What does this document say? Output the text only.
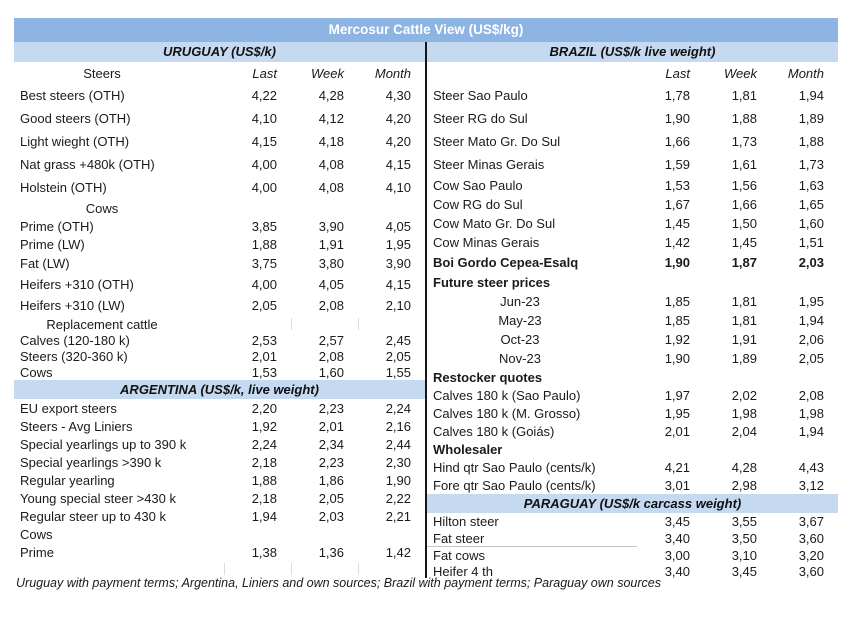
Mercosur Cattle View (US$/kg)
URUGUAY (US$/k)
Steers	Last	Week	Month
Best steers (OTH)	4,22	4,28	4,30
Good steers (OTH)	4,10	4,12	4,20
Light wieght (OTH)	4,15	4,18	4,20
Nat grass +480k (OTH)	4,00	4,08	4,15
Holstein (OTH)	4,00	4,08	4,10
Cows
Prime (OTH)	3,85	3,90	4,05
Prime (LW)	1,88	1,91	1,95
Fat (LW)	3,75	3,80	3,90
Heifers +310 (OTH)	4,00	4,05	4,15
Heifers +310 (LW)	2,05	2,08	2,10
Replacement cattle
Calves (120-180 k)	2,53	2,57	2,45
Steers (320-360 k)	2,01	2,08	2,05
Cows	1,53	1,60	1,55
ARGENTINA (US$/k, live weight)
EU export steers	2,20	2,23	2,24
Steers - Avg Liniers	1,92	2,01	2,16
Special yearlings up to 390 k	2,24	2,34	2,44
Special yearlings >390 k	2,18	2,23	2,30
Regular yearling	1,88	1,86	1,90
Young special steer >430 k	2,18	2,05	2,22
Regular steer up to 430 k	1,94	2,03	2,21
Cows
Prime	1,38	1,36	1,42
BRAZIL (US$/k live weight)
Last	Week	Month
Steer Sao Paulo	1,78	1,81	1,94
Steer RG do Sul	1,90	1,88	1,89
Steer Mato Gr. Do Sul	1,66	1,73	1,88
Steer Minas Gerais	1,59	1,61	1,73
Cow Sao Paulo	1,53	1,56	1,63
Cow RG do Sul	1,67	1,66	1,65
Cow Mato Gr. Do Sul	1,45	1,50	1,60
Cow Minas Gerais	1,42	1,45	1,51
Boi Gordo Cepea-Esalq	1,90	1,87	2,03
Future steer prices
Jun-23	1,85	1,81	1,95
May-23	1,85	1,81	1,94
Oct-23	1,92	1,91	2,06
Nov-23	1,90	1,89	2,05
Restocker quotes
Calves 180 k (Sao Paulo)	1,97	2,02	2,08
Calves 180 k (M. Grosso)	1,95	1,98	1,98
Calves 180 k (Goiás)	2,01	2,04	1,94
Wholesaler
Hind qtr Sao Paulo (cents/k)	4,21	4,28	4,43
Fore qtr Sao Paulo (cents/k)	3,01	2,98	3,12
PARAGUAY (US$/k carcass weight)
Hilton steer	3,45	3,55	3,67
Fat steer	3,40	3,50	3,60
Fat cows	3,00	3,10	3,20
Heifer 4 th	3,40	3,45	3,60
Uruguay with payment terms; Argentina, Liniers and own sources; Brazil with payment terms; Paraguay own sources
